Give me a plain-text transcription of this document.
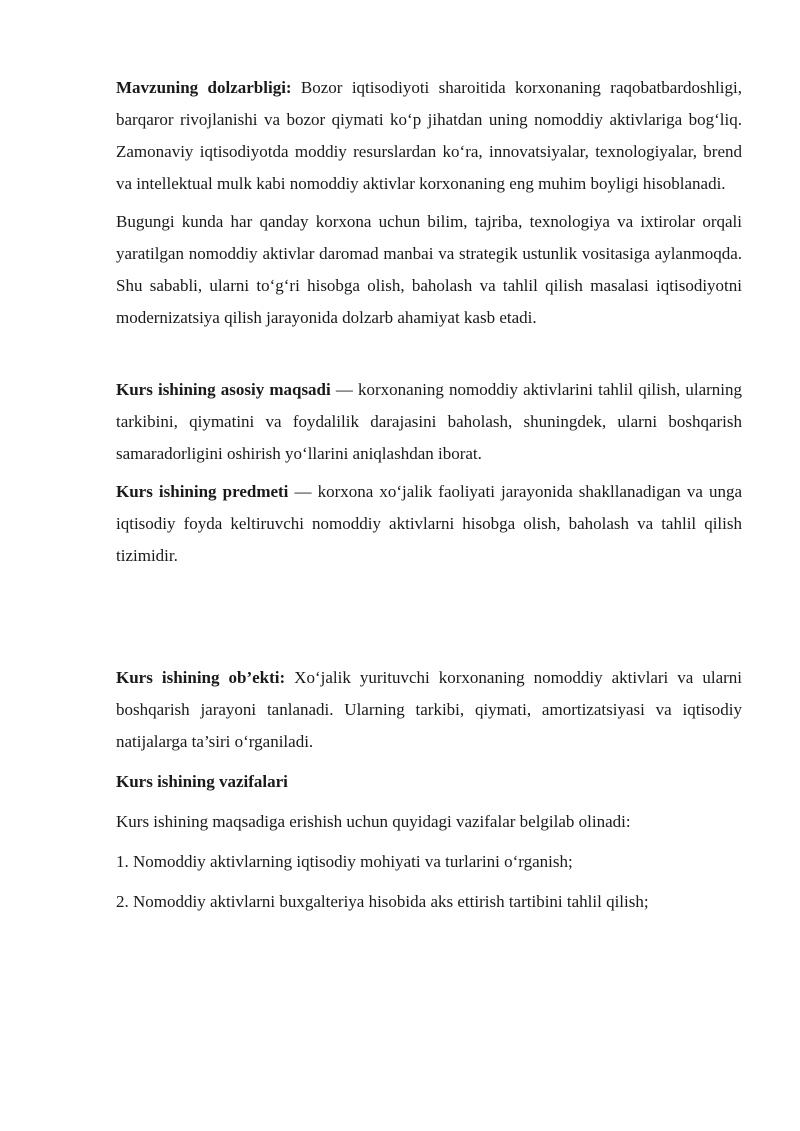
Mavzuning dolzarbligi: Bozor iqtisodiyoti sharoitida korxonaning raqobatbardoshligi, barqaror rivojlanishi va bozor qiymati ko‘p jihatdan uning nomoddiy aktivlariga bog‘liq. Zamonaviy iqtisodiyotda moddiy resurslardan ko‘ra, innovatsiyalar, texnologiyalar, brend va intellektual mulk kabi nomoddiy aktivlar korxonaning eng muhim boyligi hisoblanadi.

Bugungi kunda har qanday korxona uchun bilim, tajriba, texnologiya va ixtirolar orqali yaratilgan nomoddiy aktivlar daromad manbai va strategik ustunlik vositasiga aylanmoqda. Shu sababli, ularni to‘g‘ri hisobga olish, baholash va tahlil qilish masalasi iqtisodiyotni modernizatsiya qilish jarayonida dolzarb ahamiyat kasb etadi.

Kurs ishining asosiy maqsadi — korxonaning nomoddiy aktivlarini tahlil qilish, ularning tarkibini, qiymatini va foydalilik darajasini baholash, shuningdek, ularni boshqarish samaradorligini oshirish yo‘llarini aniqlashdan iborat.

Kurs ishining predmeti — korxona xo‘jalik faoliyati jarayonida shakllanadigan va unga iqtisodiy foyda keltiruvchi nomoddiy aktivlarni hisobga olish, baholash va tahlil qilish tizimidir.

Kurs ishining ob’ekti: Xo‘jalik yurituvchi korxonaning nomoddiy aktivlari va ularni boshqarish jarayoni tanlanadi. Ularning tarkibi, qiymati, amortizatsiyasi va iqtisodiy natijalarga ta’siri o‘rganiladi.

Kurs ishining vazifalari

Kurs ishining maqsadiga erishish uchun quyidagi vazifalar belgilab olinadi:

1. Nomoddiy aktivlarning iqtisodiy mohiyati va turlarini o‘rganish;

2. Nomoddiy aktivlarni buxgalteriya hisobida aks ettirish tartibini tahlil qilish;
